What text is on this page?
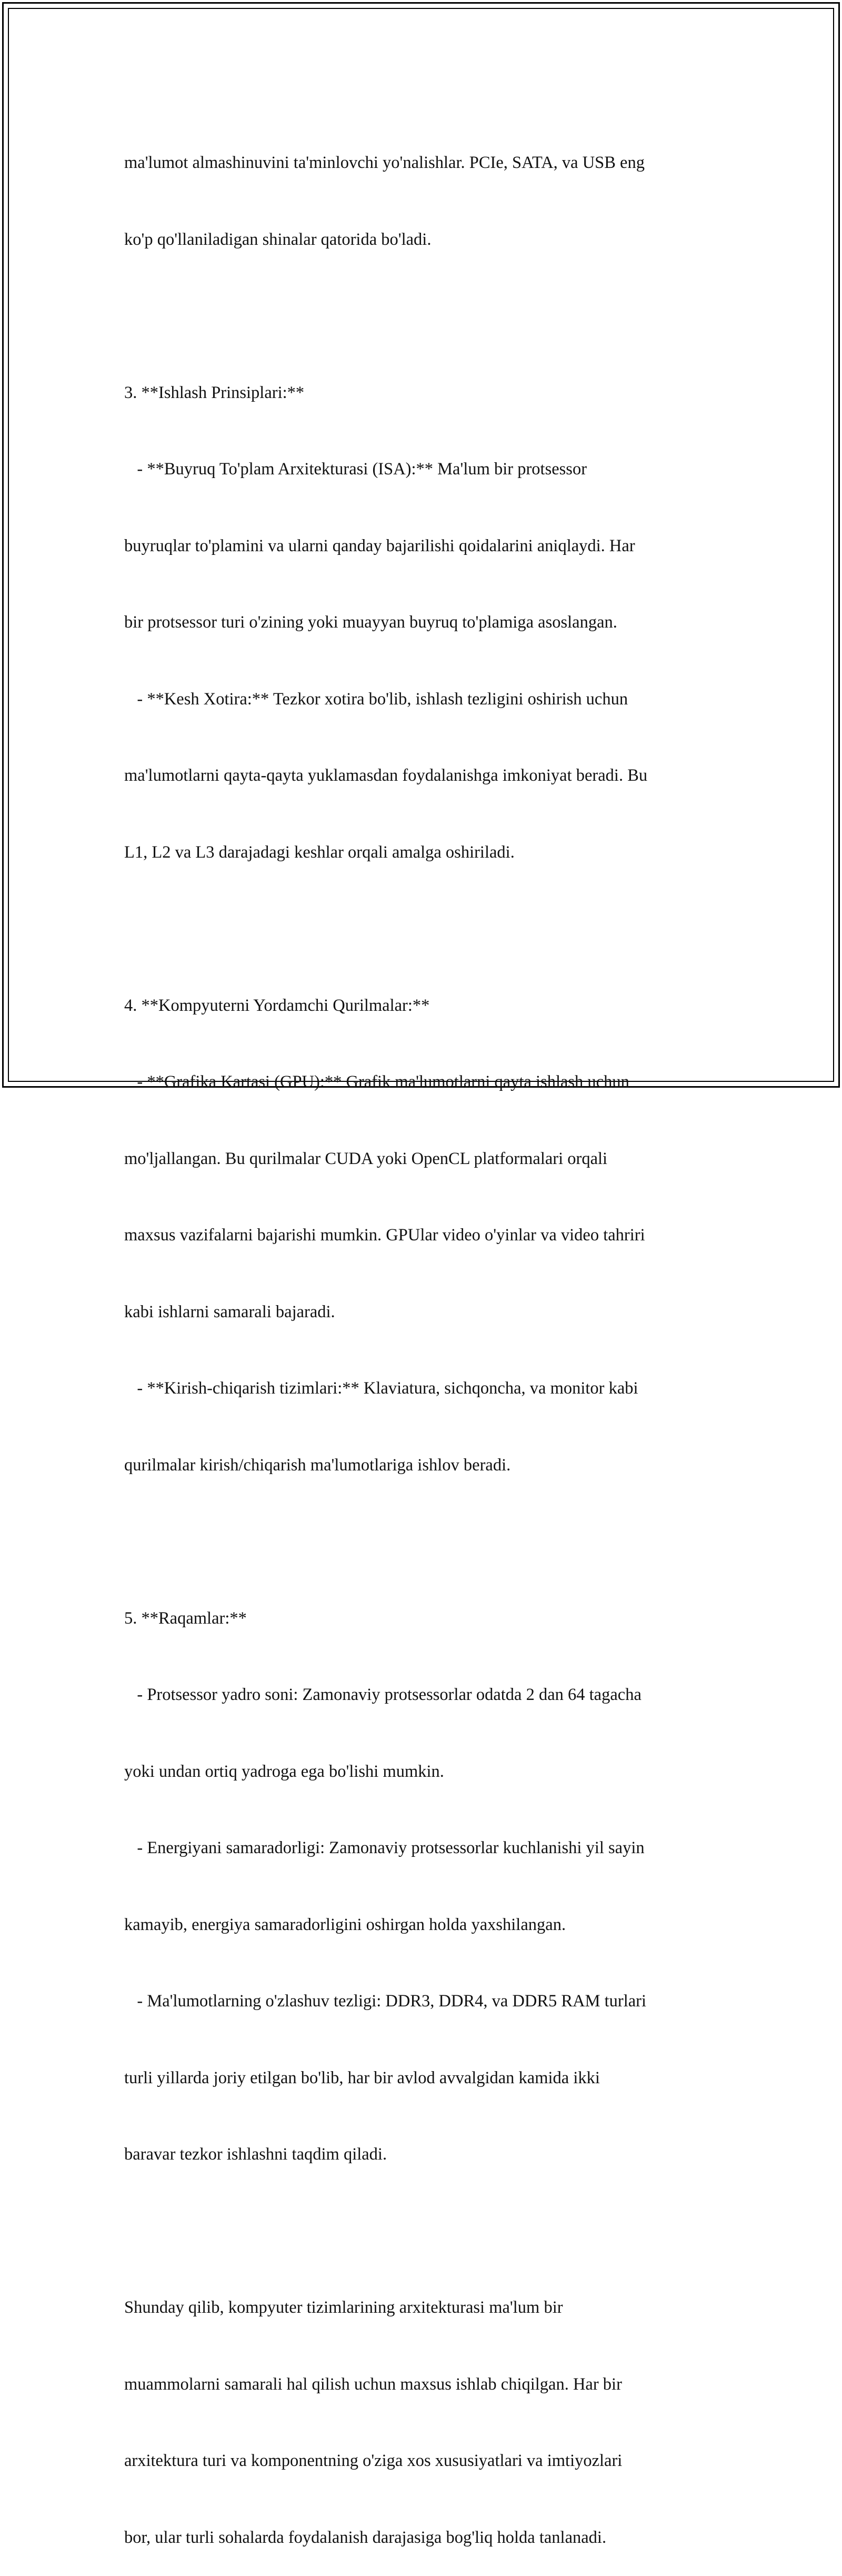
ma'lumot almashinuvini ta'minlovchi yo'nalishlar. PCIe, SATA, va USB eng

ko'p qo'llaniladigan shinalar qatorida bo'ladi.

3. **Ishlash Prinsiplari:**

- **Buyruq To'plam Arxitekturasi (ISA):** Ma'lum bir protsessor

buyruqlar to'plamini va ularni qanday bajarilishi qoidalarini aniqlaydi. Har

bir protsessor turi o'zining yoki muayyan buyruq to'plamiga asoslangan.

- **Kesh Xotira:** Tezkor xotira bo'lib, ishlash tezligini oshirish uchun

ma'lumotlarni qayta-qayta yuklamasdan foydalanishga imkoniyat beradi. Bu

L1, L2 va L3 darajadagi keshlar orqali amalga oshiriladi.

4. **Kompyuterni Yordamchi Qurilmalar:**

- **Grafika Kartasi (GPU):** Grafik ma'lumotlarni qayta ishlash uchun

mo'ljallangan. Bu qurilmalar CUDA yoki OpenCL platformalari orqali

maxsus vazifalarni bajarishi mumkin. GPUlar video o'yinlar va video tahriri

kabi ishlarni samarali bajaradi.

- **Kirish-chiqarish tizimlari:** Klaviatura, sichqoncha, va monitor kabi

qurilmalar kirish/chiqarish ma'lumotlariga ishlov beradi.

5. **Raqamlar:**

- Protsessor yadro soni: Zamonaviy protsessorlar odatda 2 dan 64 tagacha

yoki undan ortiq yadroga ega bo'lishi mumkin.

- Energiyani samaradorligi: Zamonaviy protsessorlar kuchlanishi yil sayin

kamayib, energiya samaradorligini oshirgan holda yaxshilangan.

- Ma'lumotlarning o'zlashuv tezligi: DDR3, DDR4, va DDR5 RAM turlari

turli yillarda joriy etilgan bo'lib, har bir avlod avvalgidan kamida ikki

baravar tezkor ishlashni taqdim qiladi.

Shunday qilib, kompyuter tizimlarining arxitekturasi ma'lum bir

muammolarni samarali hal qilish uchun maxsus ishlab chiqilgan. Har bir

arxitektura turi va komponentning o'ziga xos xususiyatlari va imtiyozlari

bor, ular turli sohalarda foydalanish darajasiga bog'liq holda tanlanadi.
